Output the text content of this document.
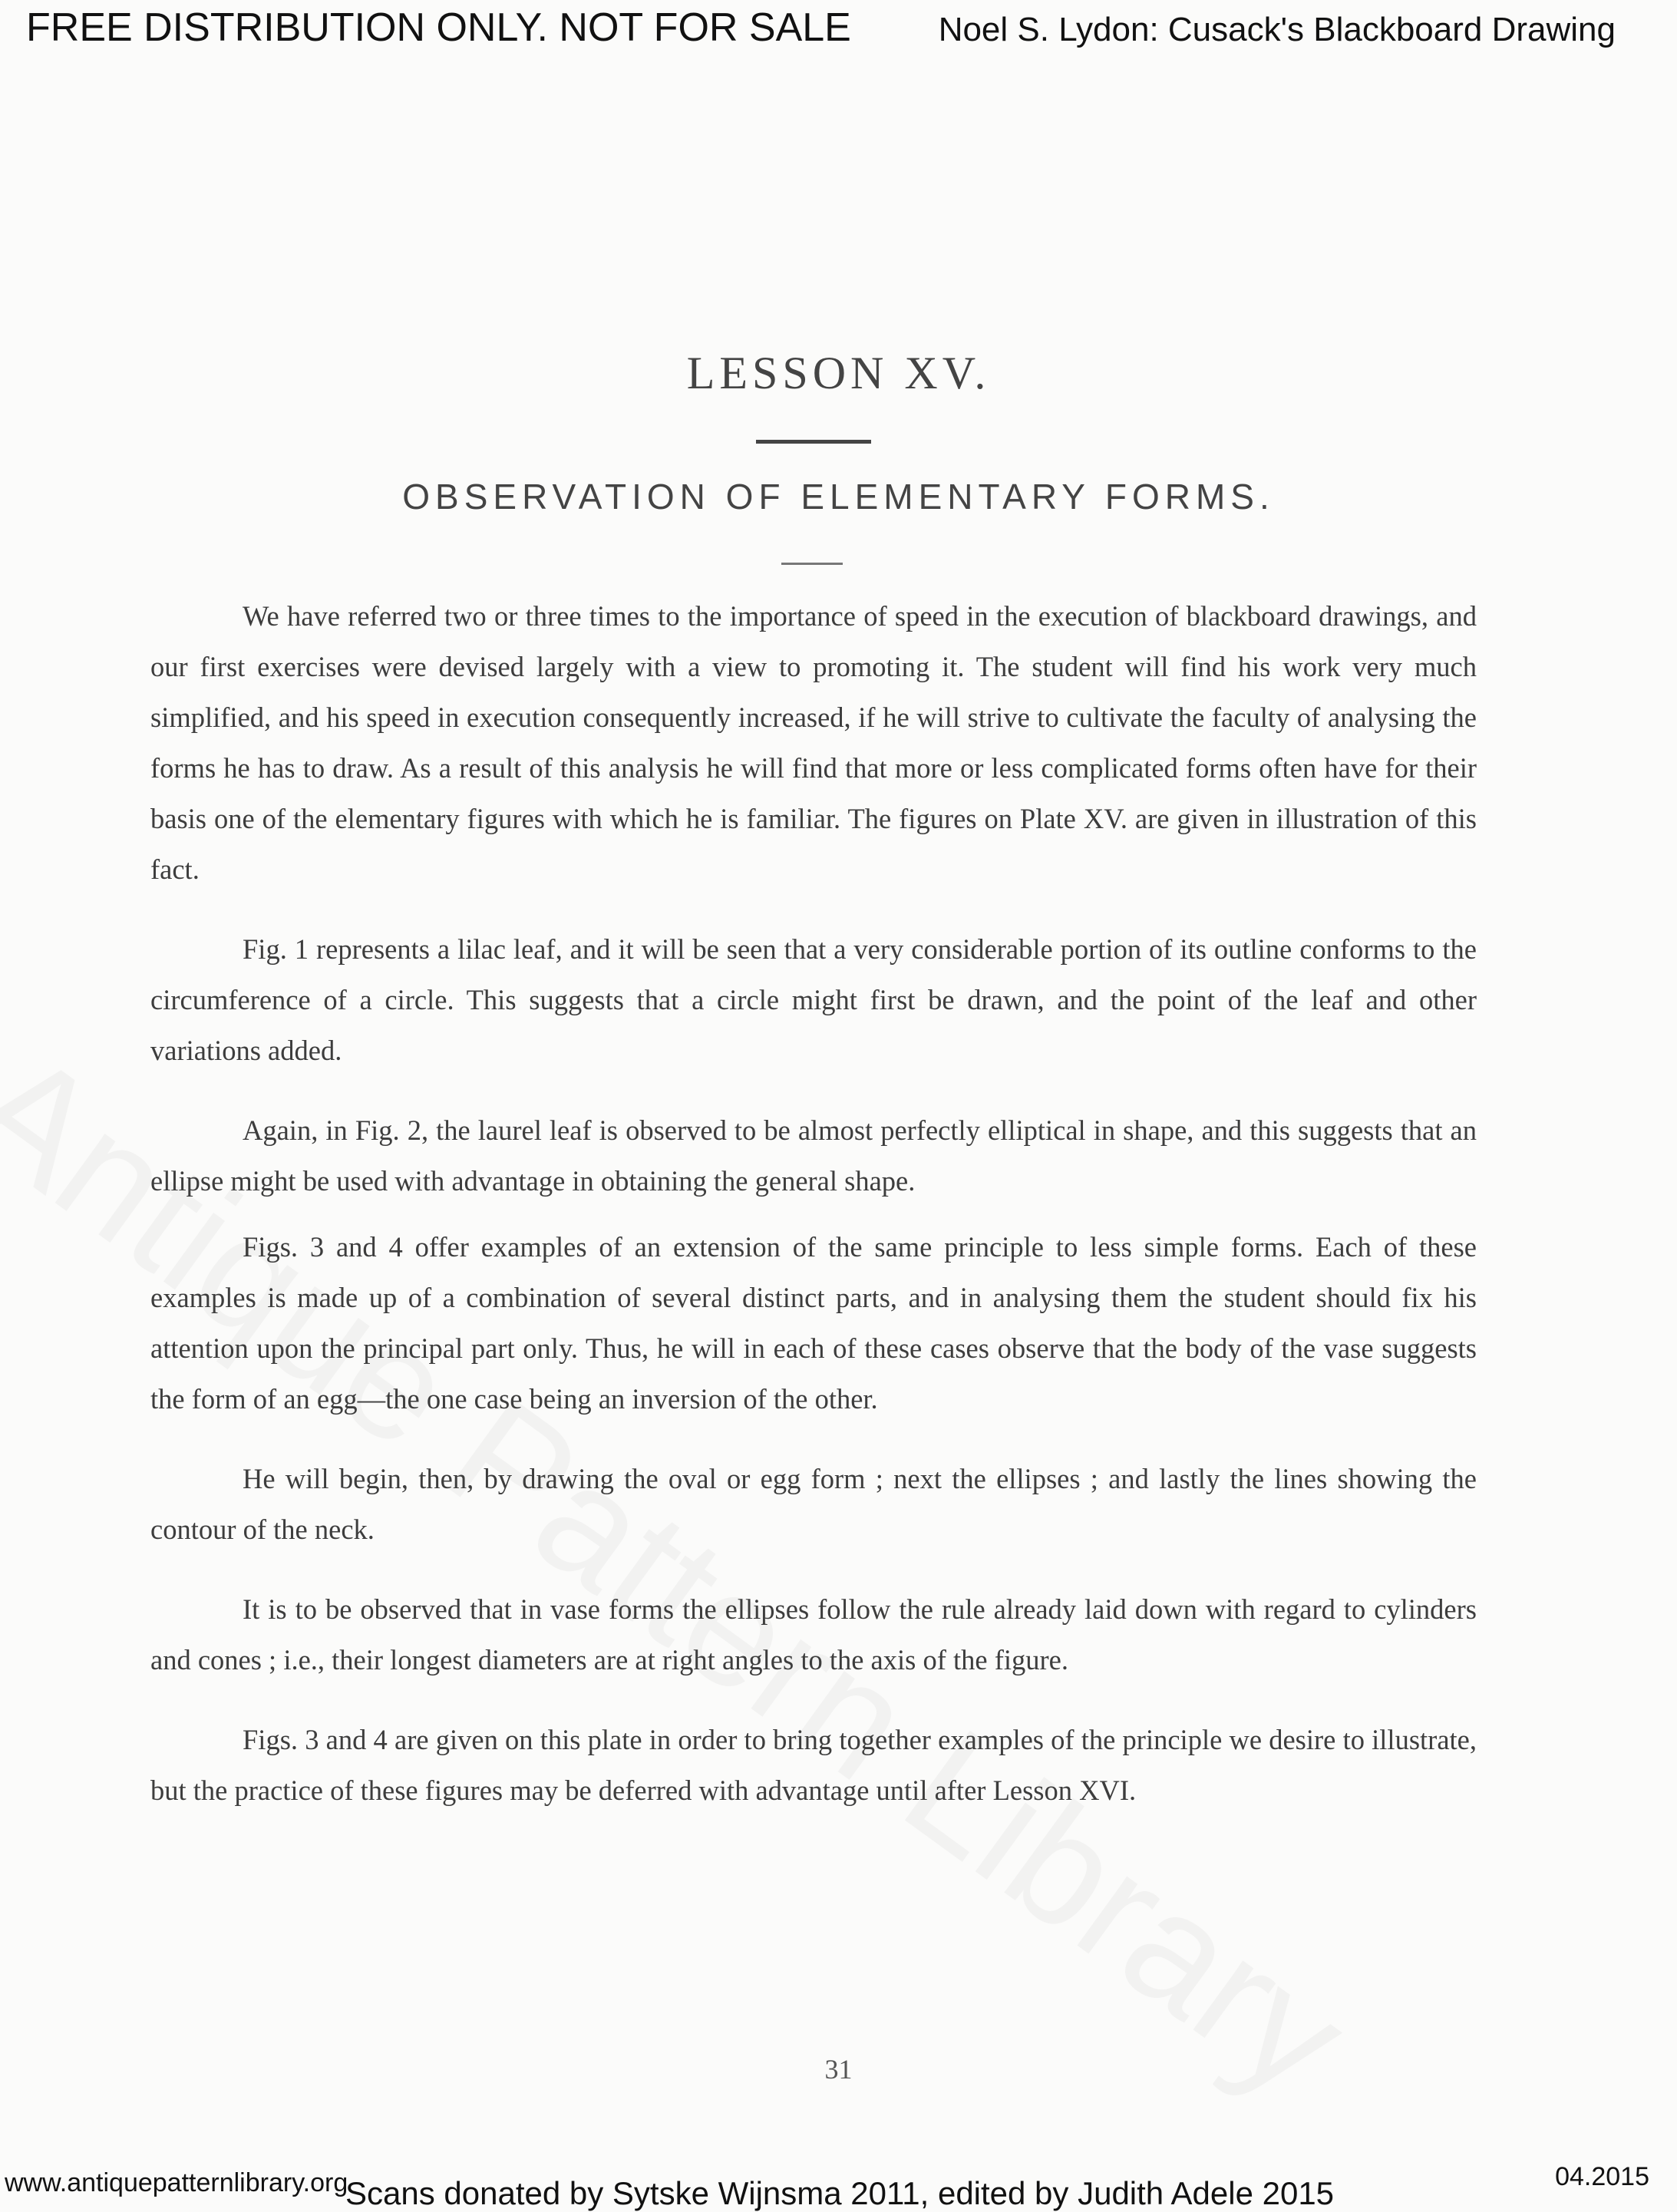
FREE DISTRIBUTION ONLY. NOT FOR SALE	Noel S. Lydon: Cusack's Blackboard Drawing
LESSON XV.
OBSERVATION OF ELEMENTARY FORMS.

We have referred two or three times to the importance of speed in the execution of blackboard drawings, and our first exercises were devised largely with a view to promoting it. The student will find his work very much simplified, and his speed in execution consequently increased, if he will strive to cultivate the faculty of analysing the forms he has to draw. As a result of this analysis he will find that more or less complicated forms often have for their basis one of the elementary figures with which he is familiar. The figures on Plate XV. are given in illustration of this fact.

Fig. 1 represents a lilac leaf, and it will be seen that a very considerable portion of its outline conforms to the circumference of a circle. This suggests that a circle might first be drawn, and the point of the leaf and other variations added.

Again, in Fig. 2, the laurel leaf is observed to be almost perfectly elliptical in shape, and this suggests that an ellipse might be used with advantage in obtaining the general shape.

Figs. 3 and 4 offer examples of an extension of the same principle to less simple forms. Each of these examples is made up of a combination of several distinct parts, and in analysing them the student should fix his attention upon the principal part only. Thus, he will in each of these cases observe that the body of the vase suggests the form of an egg—the one case being an inversion of the other.

He will begin, then, by drawing the oval or egg form ; next the ellipses ; and lastly the lines showing the contour of the neck.

It is to be observed that in vase forms the ellipses follow the rule already laid down with regard to cylinders and cones ; i.e., their longest diameters are at right angles to the axis of the figure.

Figs. 3 and 4 are given on this plate in order to bring together examples of the principle we desire to illustrate, but the practice of these figures may be deferred with advantage until after Lesson XVI.

31
www.antiquepatternlibrary.org
Scans donated by Sytske Wijnsma 2011, edited by Judith Adele 2015	04.2015
